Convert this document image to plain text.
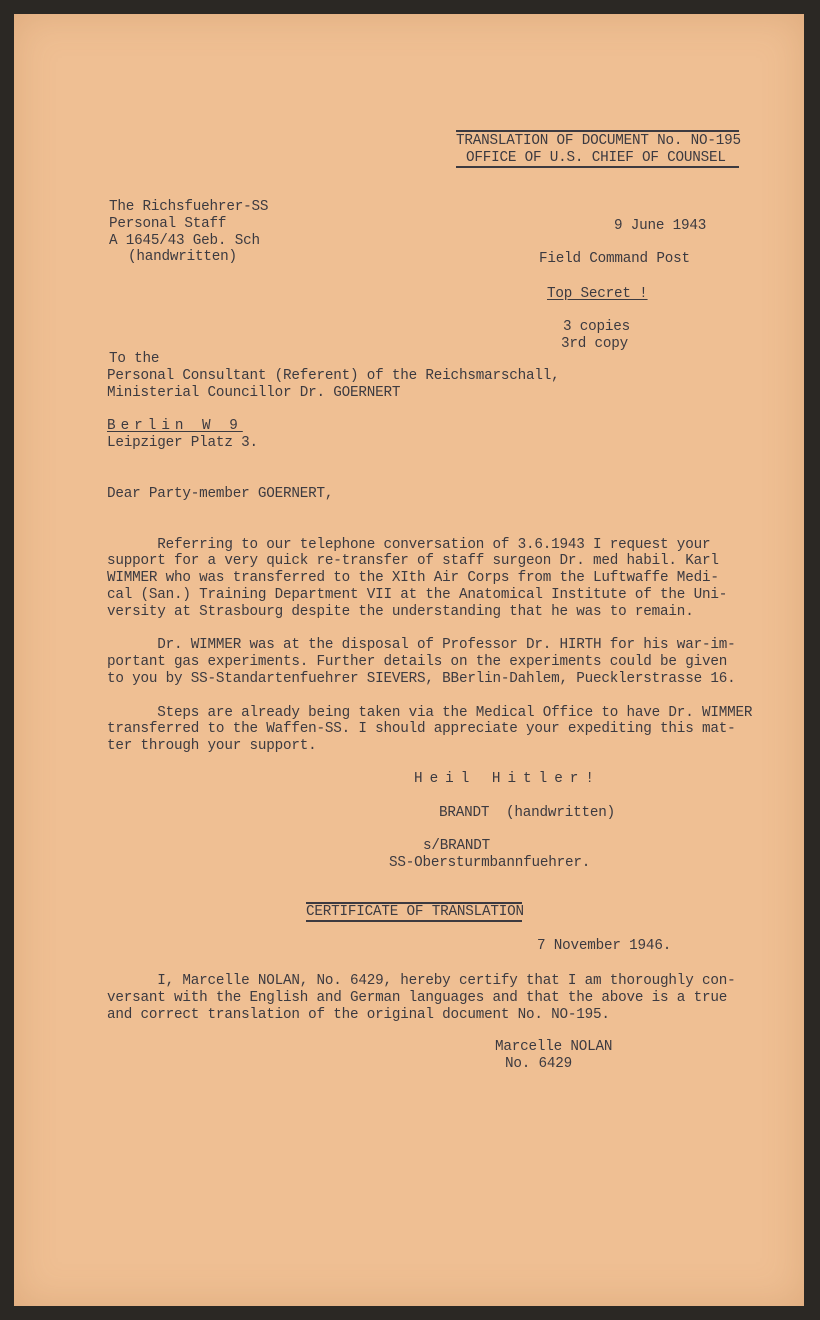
TRANSLATION OF DOCUMENT No. NO-195
OFFICE OF U.S. CHIEF OF COUNSEL
The Richsfuehrer-SS
Personal Staff
A 1645/43 Geb. Sch
(handwritten)
9 June 1943
Field Command Post
Top Secret !
3 copies
3rd copy
To the
Personal Consultant (Referent) of the Reichsmarschall,
Ministerial Councillor Dr. GOERNERT
Berlin W 9
Leipziger Platz 3.
Dear Party-member GOERNERT,
Referring to our telephone conversation of 3.6.1943 I request your
support for a very quick re-transfer of staff surgeon Dr. med habil. Karl
WIMMER who was transferred to the XIth Air Corps from the Luftwaffe Medi-
cal (San.) Training Department VII at the Anatomical Institute of the Uni-
versity at Strasbourg despite the understanding that he was to remain.
Dr. WIMMER was at the disposal of Professor Dr. HIRTH for his war-im-
portant gas experiments. Further details on the experiments could be given
to you by SS-Standartenfuehrer SIEVERS, BBerlin-Dahlem, Puecklerstrasse 16.
Steps are already being taken via the Medical Office to have Dr. WIMMER
transferred to the Waffen-SS. I should appreciate your expediting this mat-
ter through your support.
Heil Hitler!
BRANDT  (handwritten)
s/BRANDT
SS-Obersturmbannfuehrer.
CERTIFICATE OF TRANSLATION
7 November 1946.
I, Marcelle NOLAN, No. 6429, hereby certify that I am thoroughly con-
versant with the English and German languages and that the above is a true
and correct translation of the original document No. NO-195.
Marcelle NOLAN
No. 6429
